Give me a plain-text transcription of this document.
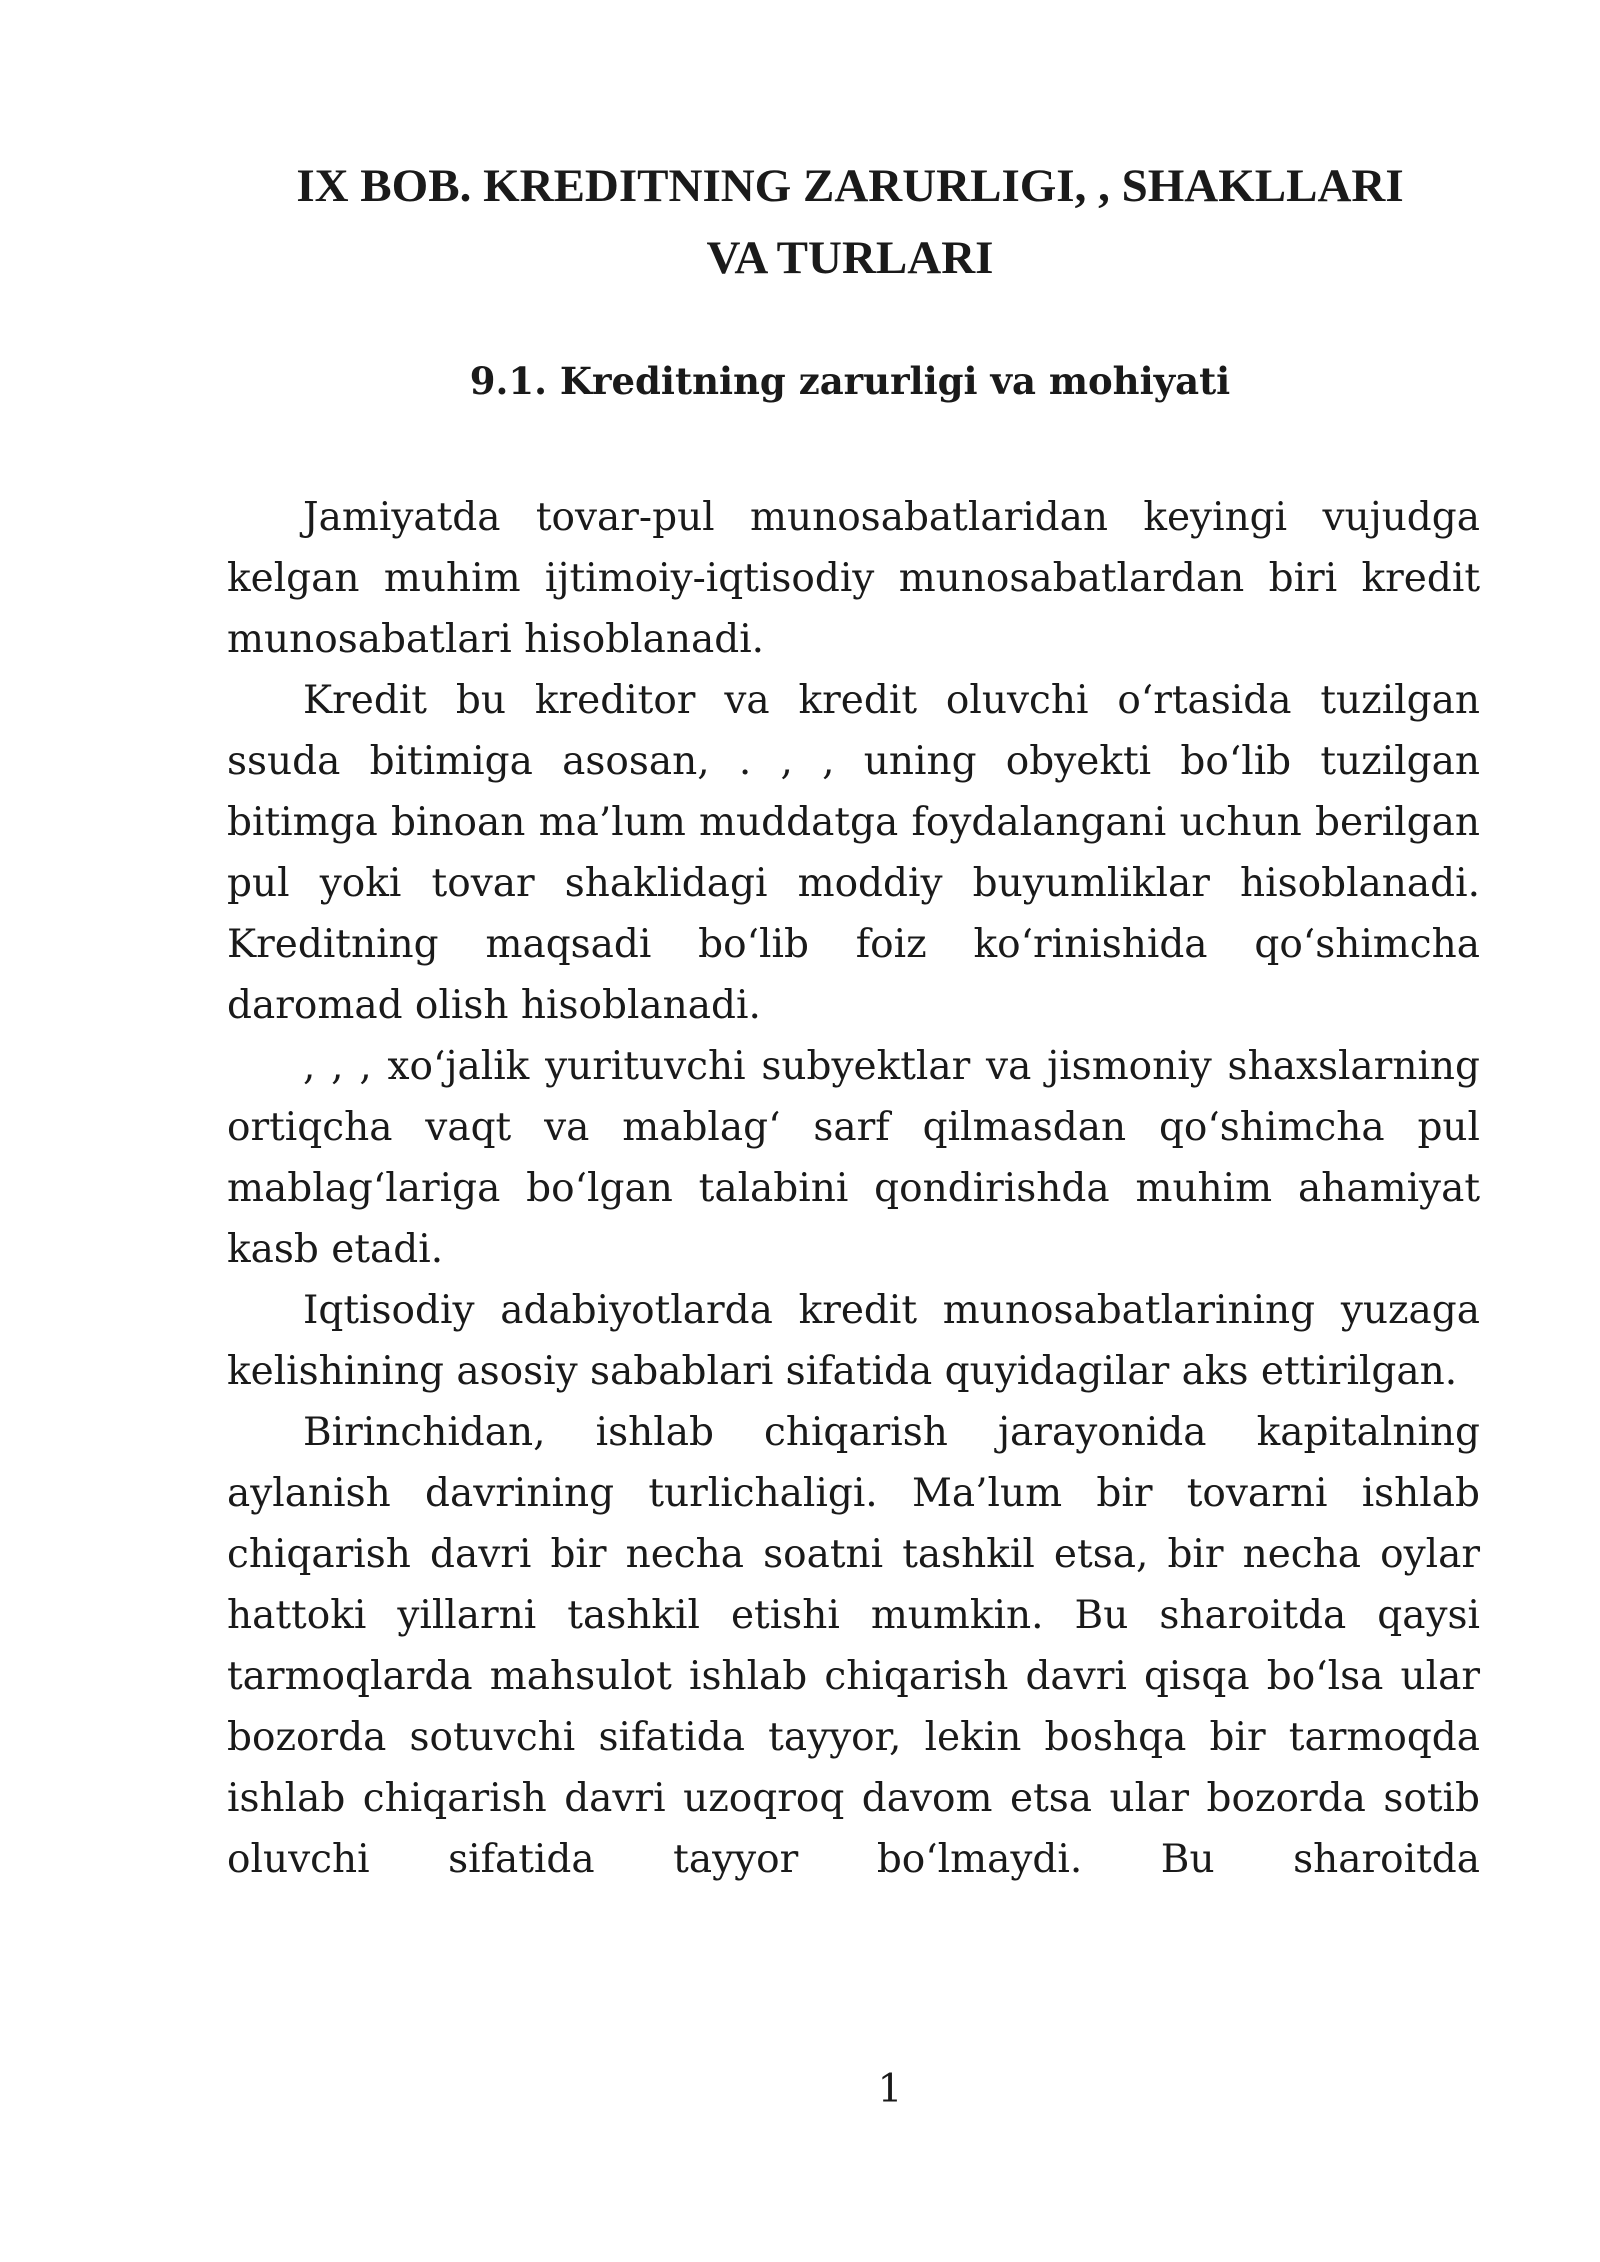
IX BOB. KREDITNING ZARURLIGI, , SHAKLLARI
VA TURLARI
9.1. Kreditning zarurligi va mohiyati

Jamiyatda tovar-pul munosabatlaridan keyingi vujudga kelgan muhim ijtimoiy-iqtisodiy munosabatlardan biri kredit munosabatlari hisoblanadi.

Kredit bu kreditor va kredit oluvchi o‘rtasida tuzilgan ssuda bitimiga asosan, . , , uning obyekti bo‘lib tuzilgan bitimga binoan ma’lum muddatga foydalangani uchun berilgan pul yoki tovar shaklidagi moddiy buyumliklar hisoblanadi. Kreditning maqsadi bo‘lib foiz ko‘rinishida qo‘shimcha daromad olish hisoblanadi.

, , , xo‘jalik yurituvchi subyektlar va jismoniy shaxslarning ortiqcha vaqt va mablag‘ sarf qilmasdan qo‘shimcha pul mablag‘lariga bo‘lgan talabini qondirishda muhim ahamiyat kasb etadi.

Iqtisodiy adabiyotlarda kredit munosabatlarining yuzaga kelishining asosiy sabablari sifatida quyidagilar aks ettirilgan.

Birinchidan, ishlab chiqarish jarayonida kapitalning aylanish davrining turlichaligi. Ma’lum bir tovarni ishlab chiqarish davri bir necha soatni tashkil etsa, bir necha oylar hattoki yillarni tashkil etishi mumkin. Bu sharoitda qaysi tarmoqlarda mahsulot ishlab chiqarish davri qisqa bo‘lsa ular bozorda sotuvchi sifatida tayyor, lekin boshqa bir tarmoqda ishlab chiqarish davri uzoqroq davom etsa ular bozorda sotib oluvchi sifatida tayyor bo‘lmaydi. Bu sharoitda

1
